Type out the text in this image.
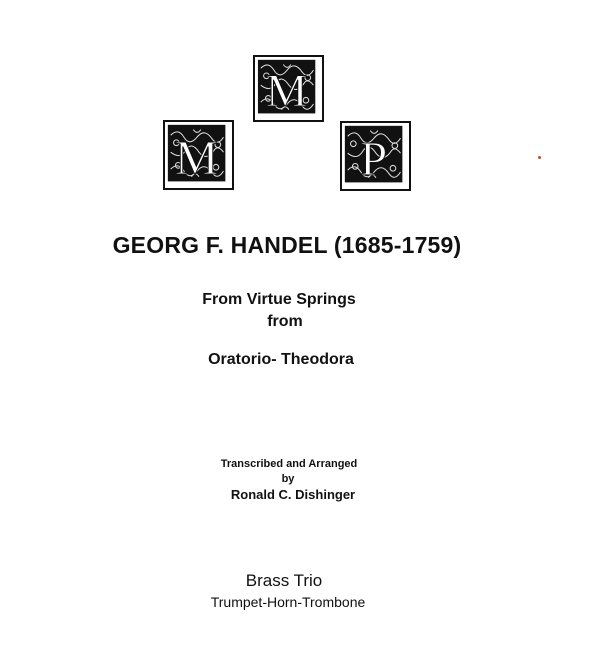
M
M	P
GEORG F. HANDEL (1685-1759)
From Virtue Springs
from
Oratorio- Theodora
Transcribed and Arranged
by
Ronald C. Dishinger
Brass Trio
Trumpet-Horn-Trombone
